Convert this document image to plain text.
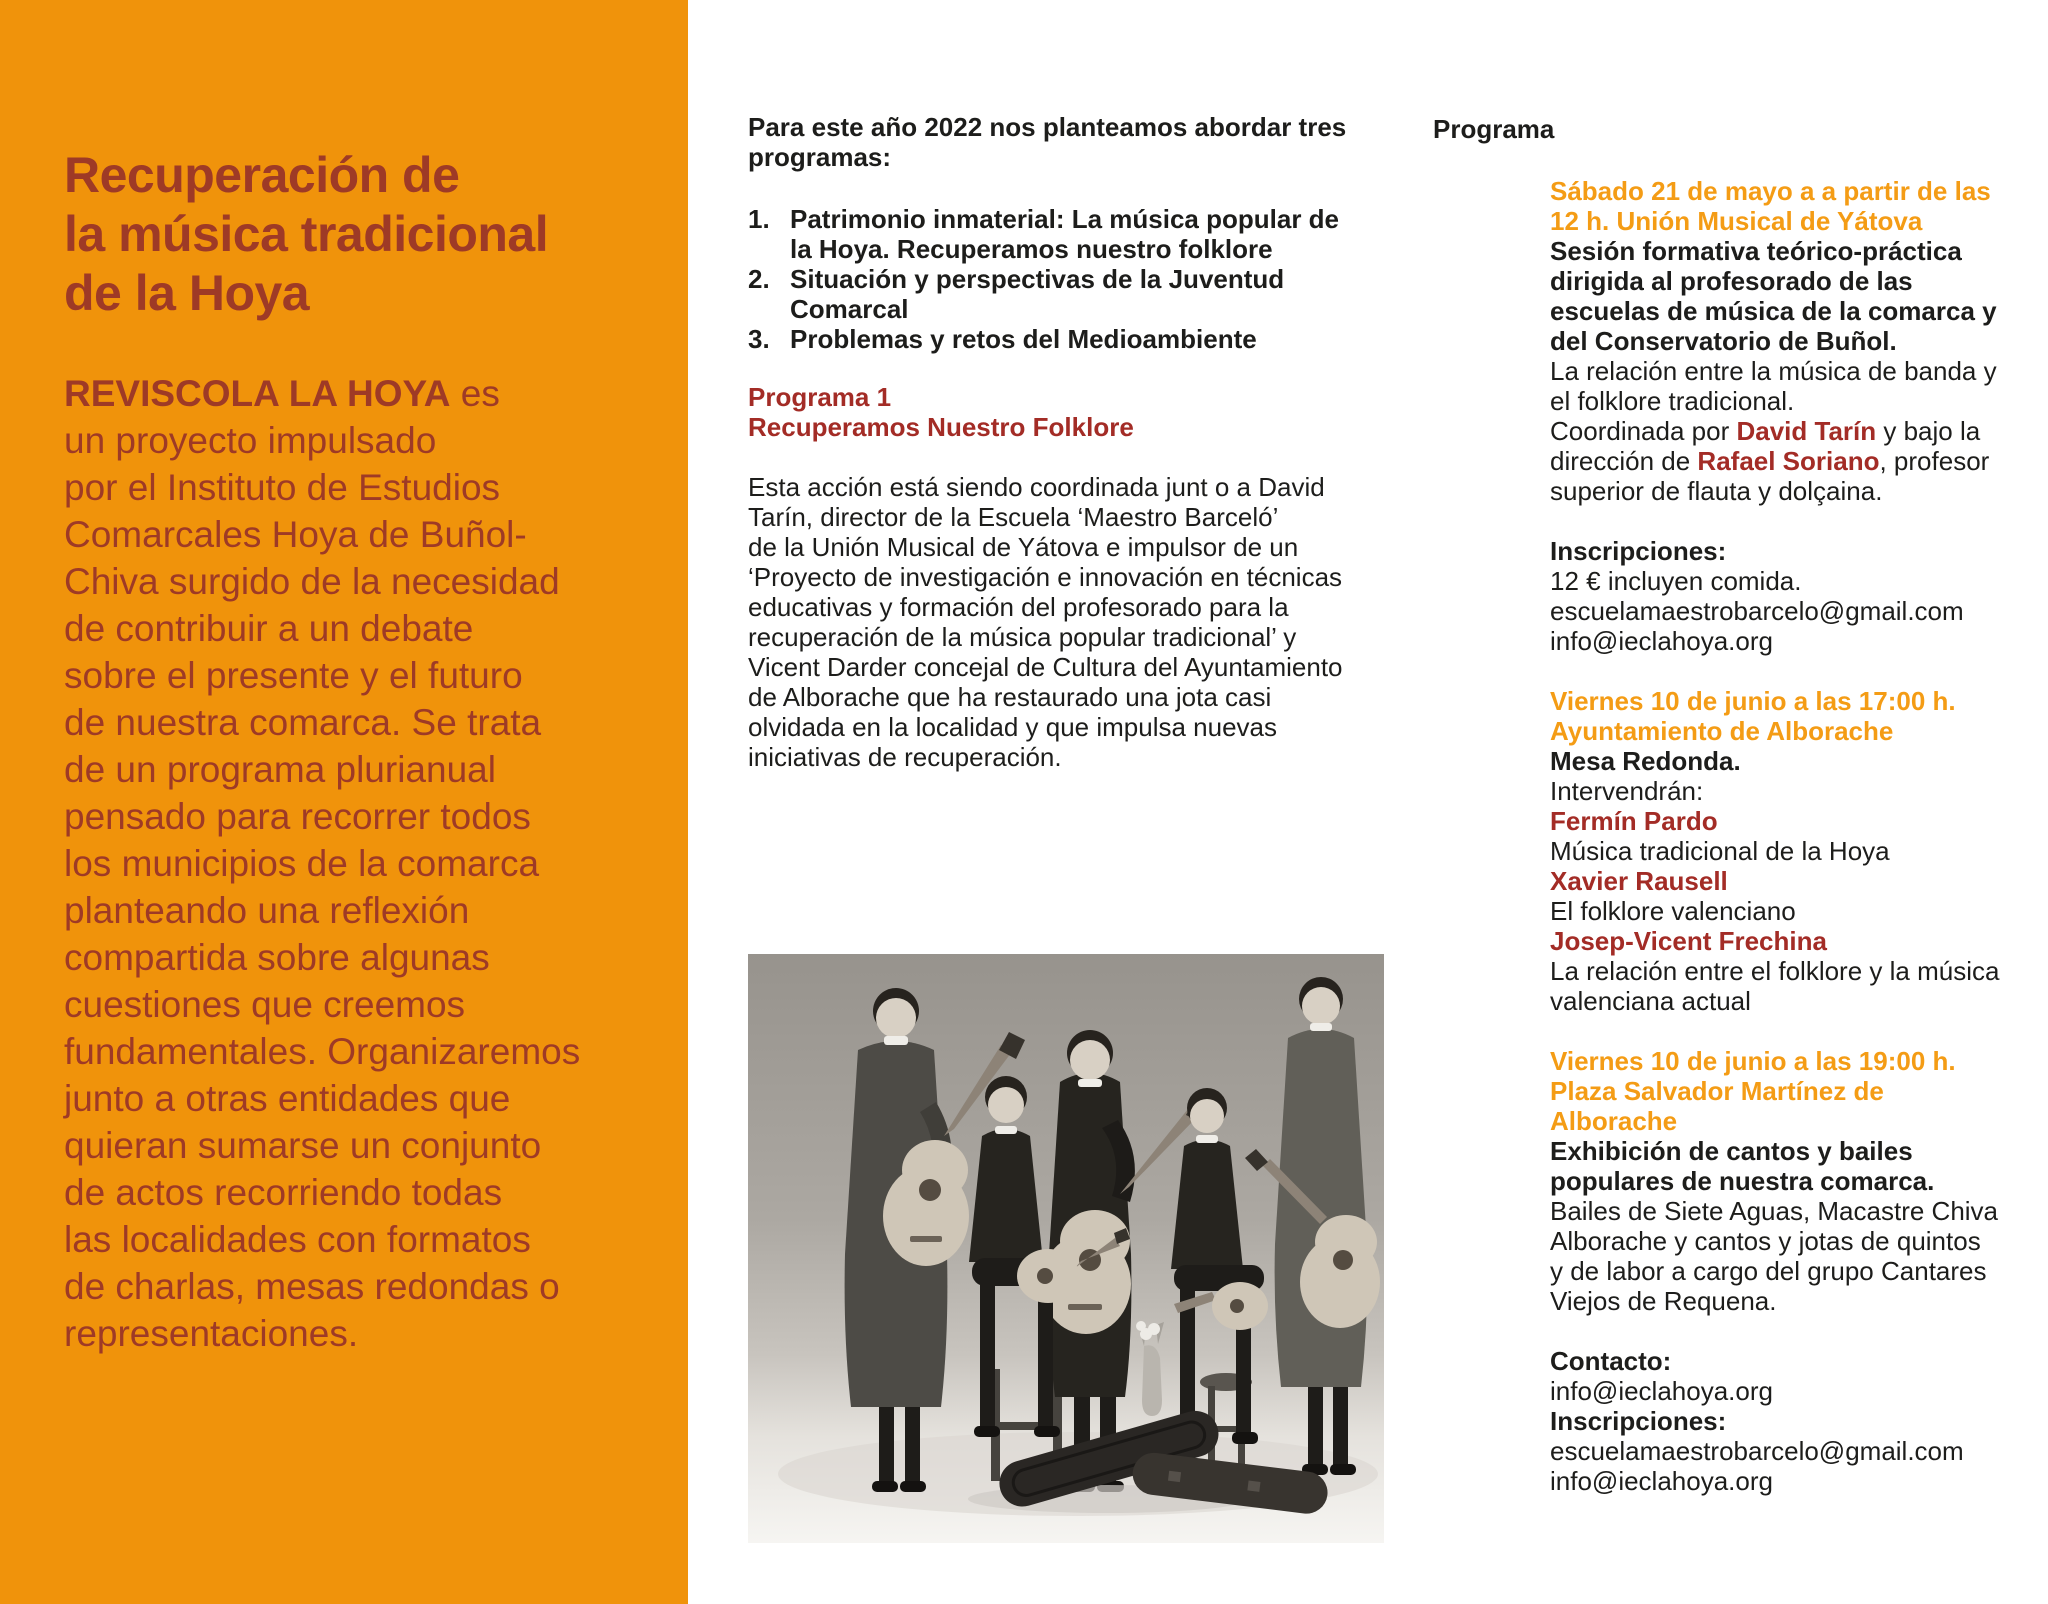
Recuperación de
la música tradicional
de la Hoya
REVISCOLA LA HOYA es
un proyecto impulsado
por el Instituto de Estudios
Comarcales Hoya de Buñol-
Chiva surgido de la necesidad
de contribuir a un debate
sobre el presente y el futuro
de nuestra comarca. Se trata
de un programa plurianual
pensado para recorrer todos
los municipios de la comarca
planteando una reflexión
compartida sobre algunas
cuestiones que creemos
fundamentales. Organizaremos
junto a otras entidades que
quieran sumarse un conjunto
de actos recorriendo todas
las localidades con formatos
de charlas, mesas redondas o
representaciones.
Para este año 2022 nos planteamos abordar tres
programas:
1. Patrimonio inmaterial: La música popular de
la Hoya. Recuperamos nuestro folklore
2. Situación y perspectivas de la Juventud
Comarcal
3. Problemas y retos del Medioambiente
Programa 1
Recuperamos Nuestro Folklore
Esta acción está siendo coordinada junt o a David
Tarín, director de la Escuela ‘Maestro Barceló’
de la Unión Musical de Yátova e impulsor de un
‘Proyecto de investigación e innovación en técnicas
educativas y formación del profesorado para la
recuperación de la música popular tradicional’ y
Vicent Darder concejal de Cultura del Ayuntamiento
de Alborache que ha restaurado una jota casi
olvidada en la localidad y que impulsa nuevas
iniciativas de recuperación.
Programa
Sábado 21 de mayo a a partir de las
12 h. Unión Musical de Yátova
Sesión formativa teórico-práctica
dirigida al profesorado de las
escuelas de música de la comarca y
del Conservatorio de Buñol.
La relación entre la música de banda y
el folklore tradicional.
Coordinada por David Tarín y bajo la
dirección de Rafael Soriano, profesor
superior de flauta y dolçaina.

Inscripciones:
12 € incluyen comida.
escuelamaestrobarcelo@gmail.com
info@ieclahoya.org

Viernes 10 de junio a las 17:00 h.
Ayuntamiento de Alborache
Mesa Redonda.
Intervendrán:
Fermín Pardo
Música tradicional de la Hoya
Xavier Rausell
El folklore valenciano
Josep-Vicent Frechina
La relación entre el folklore y la música
valenciana actual

Viernes 10 de junio a las 19:00 h.
Plaza Salvador Martínez de
Alborache
Exhibición de cantos y bailes
populares de nuestra comarca.
Bailes de Siete Aguas, Macastre Chiva
Alborache y cantos y jotas de quintos
y de labor a cargo del grupo Cantares
Viejos de Requena.

Contacto:
info@ieclahoya.org
Inscripciones:
escuelamaestrobarcelo@gmail.com
info@ieclahoya.org
